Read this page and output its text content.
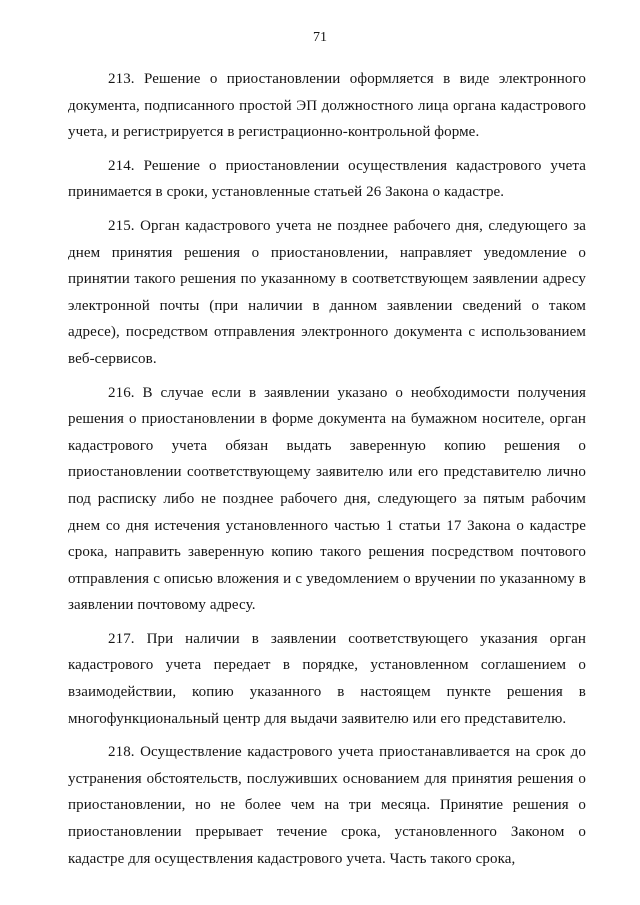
71

213. Решение о приостановлении оформляется в виде электронного документа, подписанного простой ЭП должностного лица органа кадастрового учета, и регистрируется в регистрационно-контрольной форме.

214. Решение о приостановлении осуществления кадастрового учета принимается в сроки, установленные статьей 26 Закона о кадастре.

215. Орган кадастрового учета не позднее рабочего дня, следующего за днем принятия решения о приостановлении, направляет уведомление о принятии такого решения по указанному в соответствующем заявлении адресу электронной почты (при наличии в данном заявлении сведений о таком адресе), посредством отправления электронного документа с использованием веб-сервисов.

216. В случае если в заявлении указано о необходимости получения решения о приостановлении в форме документа на бумажном носителе, орган кадастрового учета обязан выдать заверенную копию решения о приостановлении соответствующему заявителю или его представителю лично под расписку либо не позднее рабочего дня, следующего за пятым рабочим днем со дня истечения установленного частью 1 статьи 17 Закона о кадастре срока, направить заверенную копию такого решения посредством почтового отправления с описью вложения и с уведомлением о вручении по указанному в заявлении почтовому адресу.

217. При наличии в заявлении соответствующего указания орган кадастрового учета передает в порядке, установленном соглашением о взаимодействии, копию указанного в настоящем пункте решения в многофункциональный центр для выдачи заявителю или его представителю.

218. Осуществление кадастрового учета приостанавливается на срок до устранения обстоятельств, послуживших основанием для принятия решения о приостановлении, но не более чем на три месяца. Принятие решения о приостановлении прерывает течение срока, установленного Законом о кадастре для осуществления кадастрового учета. Часть такого срока,
